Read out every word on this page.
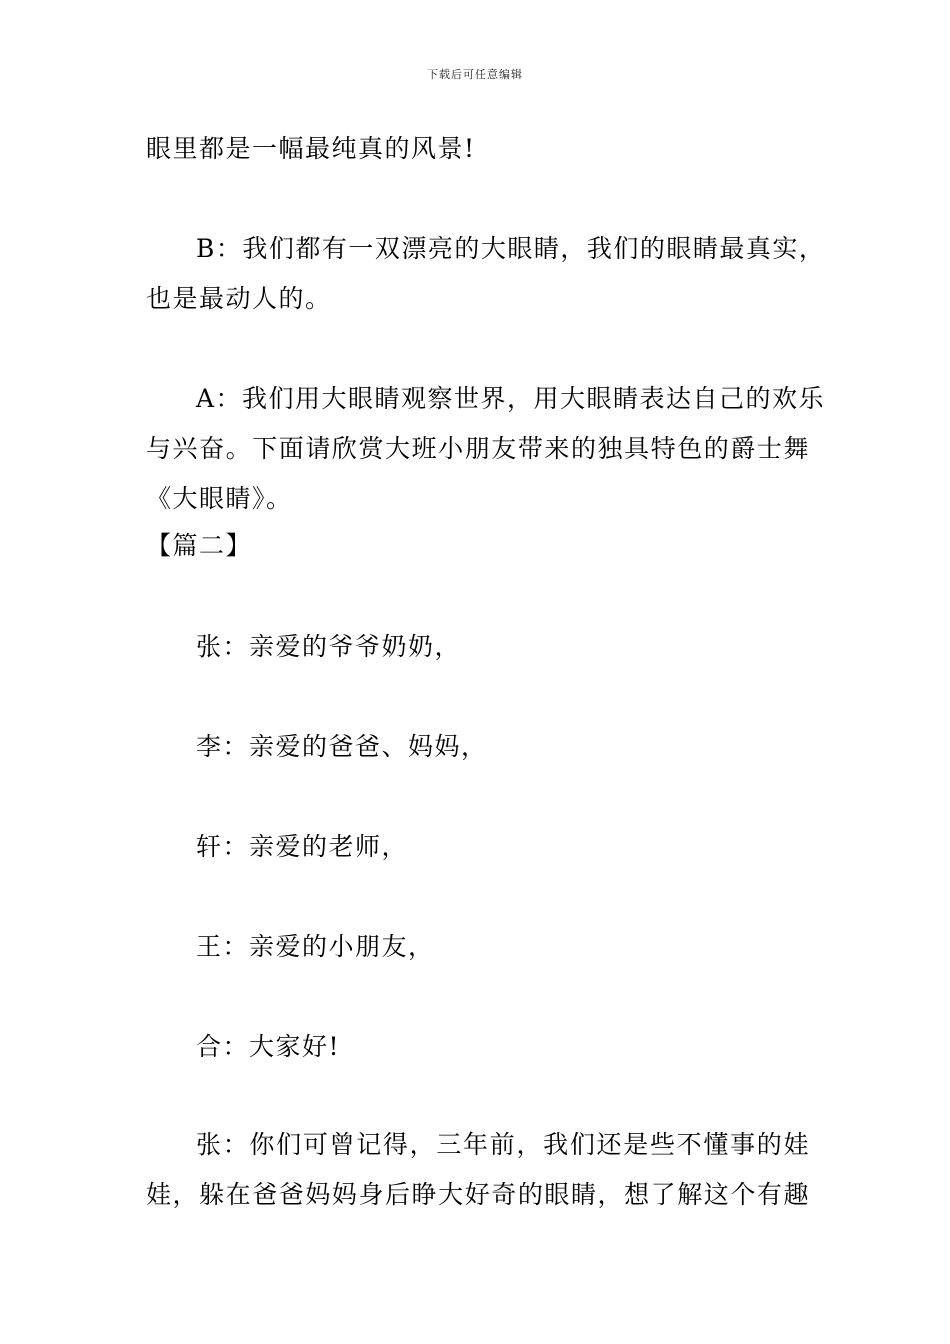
下载后可任意编辑
眼里都是一幅最纯真的风景!
B：我们都有一双漂亮的大眼睛，我们的眼睛最真实，
也是最动人的。
A：我们用大眼睛观察世界，用大眼睛表达自己的欢乐
与兴奋。下面请欣赏大班小朋友带来的独具特色的爵士舞
《大眼睛》。
【篇二】
张：亲爱的爷爷奶奶，
李：亲爱的爸爸、妈妈，
轩：亲爱的老师，
王：亲爱的小朋友，
合：大家好!
张：你们可曾记得，三年前，我们还是些不懂事的娃
娃，躲在爸爸妈妈身后睁大好奇的眼睛，想了解这个有趣
